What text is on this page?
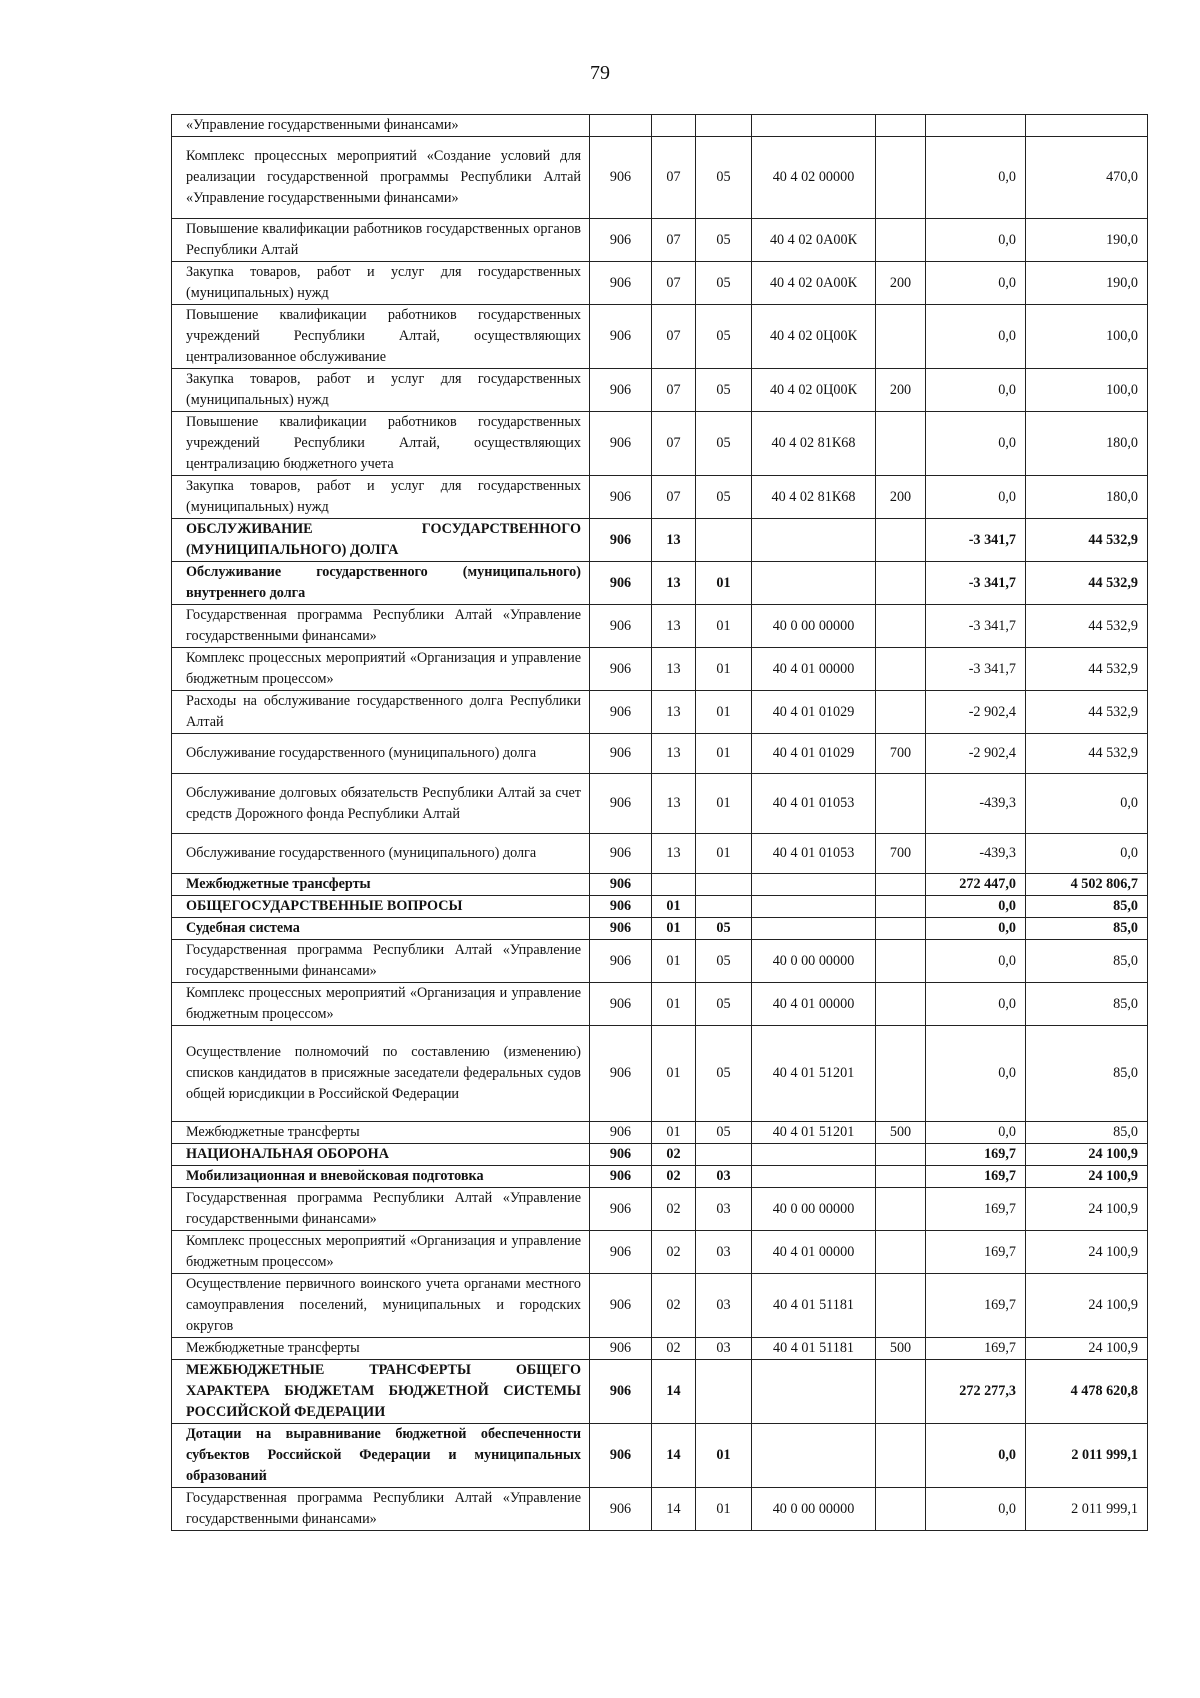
79
«Управление государственными финансами»							
Комплекс процессных мероприятий «Создание условий для реализации государственной программы Республики Алтай «Управление государственными финансами»	906	07	05	40 4 02 00000		0,0	470,0
Повышение квалификации работников государственных органов Республики Алтай	906	07	05	40 4 02 0А00К		0,0	190,0
Закупка товаров, работ и услуг для государственных (муниципальных) нужд	906	07	05	40 4 02 0А00К	200	0,0	190,0
Повышение квалификации работников государственных учреждений Республики Алтай, осуществляющих централизованное обслуживание	906	07	05	40 4 02 0Ц00К		0,0	100,0
Закупка товаров, работ и услуг для государственных (муниципальных) нужд	906	07	05	40 4 02 0Ц00К	200	0,0	100,0
Повышение квалификации работников государственных учреждений Республики Алтай, осуществляющих централизацию бюджетного учета	906	07	05	40 4 02 81К68		0,0	180,0
Закупка товаров, работ и услуг для государственных (муниципальных) нужд	906	07	05	40 4 02 81К68	200	0,0	180,0
ОБСЛУЖИВАНИЕ ГОСУДАРСТВЕННОГО (МУНИЦИПАЛЬНОГО) ДОЛГА	906	13				-3 341,7	44 532,9
Обслуживание государственного (муниципального) внутреннего долга	906	13	01			-3 341,7	44 532,9
Государственная программа Республики Алтай «Управление государственными финансами»	906	13	01	40 0 00 00000		-3 341,7	44 532,9
Комплекс процессных мероприятий «Организация и управление бюджетным процессом»	906	13	01	40 4 01 00000		-3 341,7	44 532,9
Расходы на обслуживание государственного долга Республики Алтай	906	13	01	40 4 01 01029		-2 902,4	44 532,9
Обслуживание государственного (муниципального) долга	906	13	01	40 4 01 01029	700	-2 902,4	44 532,9
Обслуживание долговых обязательств Республики Алтай за счет средств Дорожного фонда Республики Алтай	906	13	01	40 4 01 01053		-439,3	0,0
Обслуживание государственного (муниципального) долга	906	13	01	40 4 01 01053	700	-439,3	0,0
Межбюджетные трансферты	906					272 447,0	4 502 806,7
ОБЩЕГОСУДАРСТВЕННЫЕ ВОПРОСЫ	906	01				0,0	85,0
Судебная система	906	01	05			0,0	85,0
Государственная программа Республики Алтай «Управление государственными финансами»	906	01	05	40 0 00 00000		0,0	85,0
Комплекс процессных мероприятий «Организация и управление бюджетным процессом»	906	01	05	40 4 01 00000		0,0	85,0
Осуществление полномочий по составлению (изменению) списков кандидатов в присяжные заседатели федеральных судов общей юрисдикции в Российской Федерации	906	01	05	40 4 01 51201		0,0	85,0
Межбюджетные трансферты	906	01	05	40 4 01 51201	500	0,0	85,0
НАЦИОНАЛЬНАЯ ОБОРОНА	906	02				169,7	24 100,9
Мобилизационная и вневойсковая подготовка	906	02	03			169,7	24 100,9
Государственная программа Республики Алтай «Управление государственными финансами»	906	02	03	40 0 00 00000		169,7	24 100,9
Комплекс процессных мероприятий «Организация и управление бюджетным процессом»	906	02	03	40 4 01 00000		169,7	24 100,9
Осуществление первичного воинского учета органами местного самоуправления поселений, муниципальных и городских округов	906	02	03	40 4 01 51181		169,7	24 100,9
Межбюджетные трансферты	906	02	03	40 4 01 51181	500	169,7	24 100,9
МЕЖБЮДЖЕТНЫЕ ТРАНСФЕРТЫ ОБЩЕГО ХАРАКТЕРА БЮДЖЕТАМ БЮДЖЕТНОЙ СИСТЕМЫ РОССИЙСКОЙ ФЕДЕРАЦИИ	906	14				272 277,3	4 478 620,8
Дотации на выравнивание бюджетной обеспеченности субъектов Российской Федерации и муниципальных образований	906	14	01			0,0	2 011 999,1
Государственная программа Республики Алтай «Управление государственными финансами»	906	14	01	40 0 00 00000		0,0	2 011 999,1
